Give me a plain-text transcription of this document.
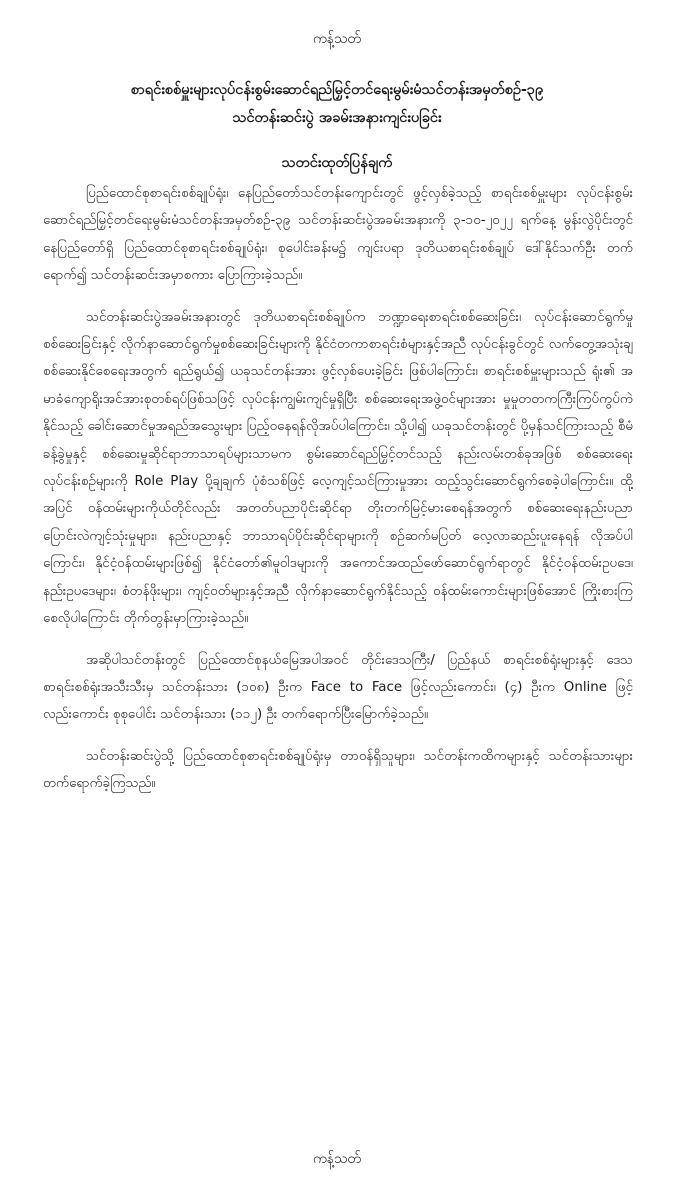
ကန့်သတ်
စာရင်းစစ်မှူးများလုပ်ငန်းစွမ်းဆောင်ရည်မြှင့်တင်ရေးမွမ်းမံသင်တန်းအမှတ်စဉ်-၃၉
သင်တန်းဆင်းပွဲ အခမ်းအနားကျင်းပခြင်း
သတင်းထုတ်ပြန်ချက်

ပြည်ထောင်စုစာရင်းစစ်ချုပ်ရုံး၊ နေပြည်တော်သင်တန်းကျောင်းတွင် ဖွင့်လှစ်ခဲ့သည့် စာရင်းစစ်မှူးများ လုပ်ငန်းစွမ်းဆောင်ရည်မြှင့်တင်ရေးမွမ်းမံသင်တန်းအမှတ်စဉ်-၃၉ သင်တန်းဆင်းပွဲအခမ်းအနားကို ၃-၁၀-၂၀၂၂ ရက်နေ့ မွန်းလွဲပိုင်းတွင် နေပြည်တော်ရှိ ပြည်ထောင်စုစာရင်းစစ်ချုပ်ရုံး၊ စုပေါင်းခန်းမ၌ ကျင်းပရာ ဒုတိယစာရင်းစစ်ချုပ် ဒေါ်နိုင်သက်ဦး တက်ရောက်၍ သင်တန်းဆင်းအမှာစကား ပြောကြားခဲ့သည်။

သင်တန်းဆင်းပွဲအခမ်းအနားတွင် ဒုတိယစာရင်းစစ်ချုပ်က ဘဏ္ဍာရေးစာရင်းစစ်ဆေးခြင်း၊ လုပ်ငန်းဆောင်ရွက်မှုစစ်ဆေးခြင်းနှင့် လိုက်နာဆောင်ရွက်မှုစစ်ဆေးခြင်းများကို နိုင်ငံတကာစာရင်းစံများနှင့်အညီ လုပ်ငန်းခွင်တွင် လက်တွေ့အသုံးချ စစ်ဆေးနိုင်စေရေးအတွက် ရည်ရွယ်၍ ယခုသင်တန်းအား ဖွင့်လှစ်ပေးခဲ့ခြင်း ဖြစ်ပါကြောင်း၊ စာရင်းစစ်မှူးများသည် ရုံး၏ အမာခံကျောရိုးအင်အားစုတစ်ရပ်ဖြစ်သဖြင့် လုပ်ငန်းကျွမ်းကျင်မှုရှိပြီး စစ်ဆေးရေးအဖွဲ့ဝင်များအား မှုမှုတတကကြီးကြပ်ကွပ်ကဲနိုင်သည့် ခေါင်းဆောင်မှုအရည်အသွေးများ ပြည့်ဝနေရန်လိုအပ်ပါကြောင်း၊ သို့ပါ၍ ယခုသင်တန်းတွင် ပို့မှန်သင်ကြားသည့် စီမံခန့်ခွဲမှုနှင့် စစ်ဆေးမှုဆိုင်ရာဘာသာရပ်များသာမက စွမ်းဆောင်ရည်မြှင့်တင်သည့် နည်းလမ်းတစ်ခုအဖြစ် စစ်ဆေးရေးလုပ်ငန်းစဉ်များကို Role Play ပို့ချချက် ပုံစံသစ်ဖြင့် လေ့ကျင့်သင်ကြားမှုအား ထည့်သွင်းဆောင်ရွက်စေခဲ့ပါကြောင်း။ ထို့အပြင် ဝန်ထမ်းများကိုယ်တိုင်လည်း အတတ်ပညာပိုင်းဆိုင်ရာ တိုးတက်မြင့်မားစေရန်အတွက် စစ်ဆေးရေးနည်းပညာ ပြောင်းလဲကျင့်သုံးမှုများ၊ နည်းပညာနှင့် ဘာသာရပ်ပိုင်းဆိုင်ရာများကို စဉ်ဆက်မပြတ် လေ့လာဆည်းပူးနေရန် လိုအပ်ပါကြောင်း၊ နိုင်ငံ့ဝန်ထမ်းများဖြစ်၍ နိုင်ငံတော်၏မူဝါဒများကို အကောင်အထည်ဖော်ဆောင်ရွက်ရာတွင် နိုင်ငံ့ဝန်ထမ်းဥပဒေ၊ နည်းဥပဒေများ၊ စံတန်ဖိုးများ၊ ကျင့်ဝတ်များနှင့်အညီ လိုက်နာဆောင်ရွက်နိုင်သည့် ဝန်ထမ်းကောင်းများဖြစ်အောင် ကြိုးစားကြစေလိုပါကြောင်း တိုက်တွန်းမှာကြားခဲ့သည်။

အဆိုပါသင်တန်းတွင် ပြည်ထောင်စုနယ်မြေအပါအဝင် တိုင်းဒေသကြီး/ ပြည်နယ် စာရင်းစစ်ရုံးများနှင့် ဒေသစာရင်းစစ်ရုံးအသီးသီးမှ သင်တန်းသား (၁၀၈) ဦးက Face to Face ဖြင့်လည်းကောင်း၊ (၄) ဦးက Online ဖြင့်လည်းကောင်း စုစုပေါင်း သင်တန်းသား (၁၁၂) ဦး တက်ရောက်ပြီးမြောက်ခဲ့သည်။

သင်တန်းဆင်းပွဲသို့ ပြည်ထောင်စုစာရင်းစစ်ချုပ်ရုံးမှ တာဝန်ရှိသူများ၊ သင်တန်းကထိကများနှင့် သင်တန်းသားများ တက်ရောက်ခဲ့ကြသည်။

ကန့်သတ်
